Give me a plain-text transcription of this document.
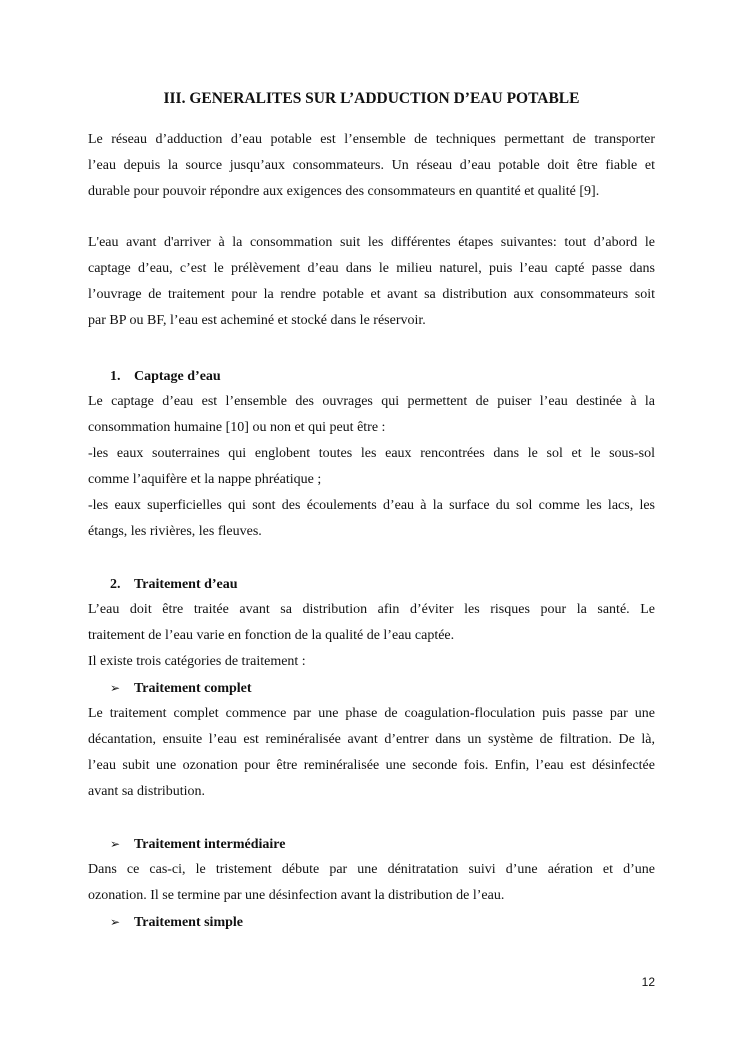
III. GENERALITES SUR L’ADDUCTION D’EAU POTABLE

Le réseau d’adduction d’eau potable est l’ensemble de techniques permettant de transporter
l’eau depuis la source jusqu’aux consommateurs. Un réseau d’eau potable doit être fiable et
durable pour pouvoir répondre aux exigences des consommateurs en quantité et qualité [9].

L'eau avant d'arriver à la consommation suit les différentes étapes suivantes: tout d’abord le
captage d’eau, c’est le prélèvement d’eau dans le milieu naturel, puis l’eau capté passe dans
l’ouvrage de traitement pour la rendre potable et avant sa distribution aux consommateurs soit
par BP ou BF, l’eau est acheminé et stocké dans le réservoir.

1. Captage d’eau

Le captage d’eau est l’ensemble des ouvrages qui permettent de puiser l’eau destinée à la
consommation humaine [10] ou non et qui peut être :
-les eaux souterraines qui englobent toutes les eaux rencontrées dans le sol et le sous-sol
comme l’aquifère et la nappe phréatique ;
-les eaux superficielles qui sont des écoulements d’eau à la surface du sol comme les lacs, les
étangs, les rivières, les fleuves.

2. Traitement d’eau

L’eau doit être traitée avant sa distribution afin d’éviter les risques pour la santé. Le
traitement de l’eau varie en fonction de la qualité de l’eau captée.
Il existe trois catégories de traitement :

➢ Traitement complet

Le traitement complet commence par une phase de coagulation-floculation puis passe par une
décantation, ensuite l’eau est reminéralisée avant d’entrer dans un système de filtration. De là,
l’eau subit une ozonation pour être reminéralisée une seconde fois. Enfin, l’eau est désinfectée
avant sa distribution.

➢ Traitement intermédiaire

Dans ce cas-ci, le tristement débute par une dénitratation suivi d’une aération et d’une
ozonation. Il se termine par une désinfection avant la distribution de l’eau.

➢ Traitement simple
12
